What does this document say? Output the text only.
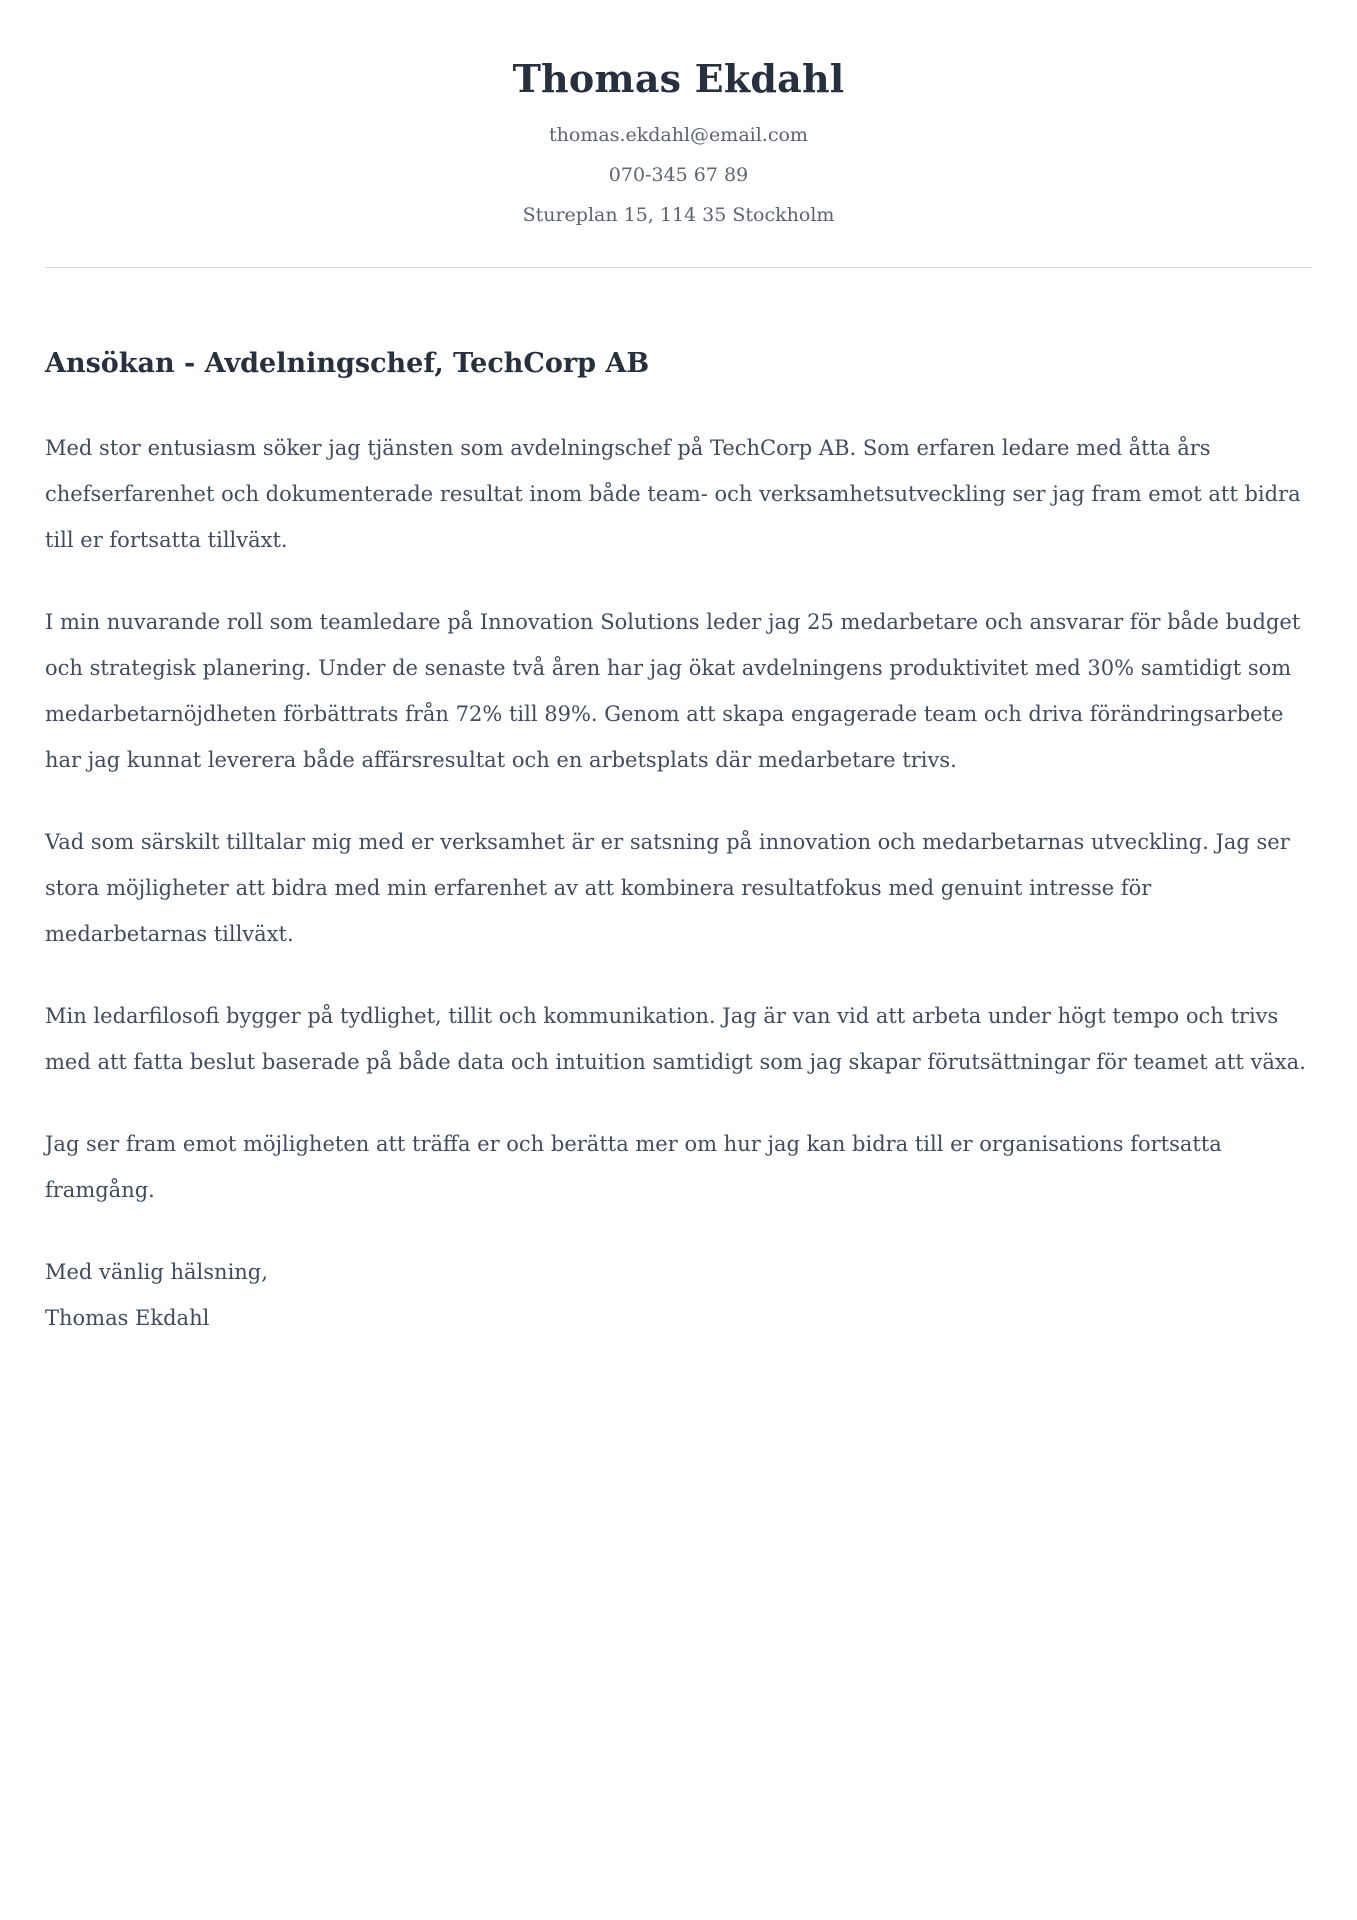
Thomas Ekdahl
thomas.ekdahl@email.com
070-345 67 89
Stureplan 15, 114 35 Stockholm
Ansökan - Avdelningschef, TechCorp AB

Med stor entusiasm söker jag tjänsten som avdelningschef på TechCorp AB. Som erfaren ledare med åtta års chefserfarenhet och dokumenterade resultat inom både team- och verksamhetsutveckling ser jag fram emot att bidra till er fortsatta tillväxt.

I min nuvarande roll som teamledare på Innovation Solutions leder jag 25 medarbetare och ansvarar för både budget och strategisk planering. Under de senaste två åren har jag ökat avdelningens produktivitet med 30% samtidigt som medarbetarnöjdheten förbättrats från 72% till 89%. Genom att skapa engagerade team och driva förändringsarbete har jag kunnat leverera både affärsresultat och en arbetsplats där medarbetare trivs.

Vad som särskilt tilltalar mig med er verksamhet är er satsning på innovation och medarbetarnas utveckling. Jag ser stora möjligheter att bidra med min erfarenhet av att kombinera resultatfokus med genuint intresse för medarbetarnas tillväxt.

Min ledarfilosofi bygger på tydlighet, tillit och kommunikation. Jag är van vid att arbeta under högt tempo och trivs med att fatta beslut baserade på både data och intuition samtidigt som jag skapar förutsättningar för teamet att växa.

Jag ser fram emot möjligheten att träffa er och berätta mer om hur jag kan bidra till er organisations fortsatta framgång.

Med vänlig hälsning,
Thomas Ekdahl
